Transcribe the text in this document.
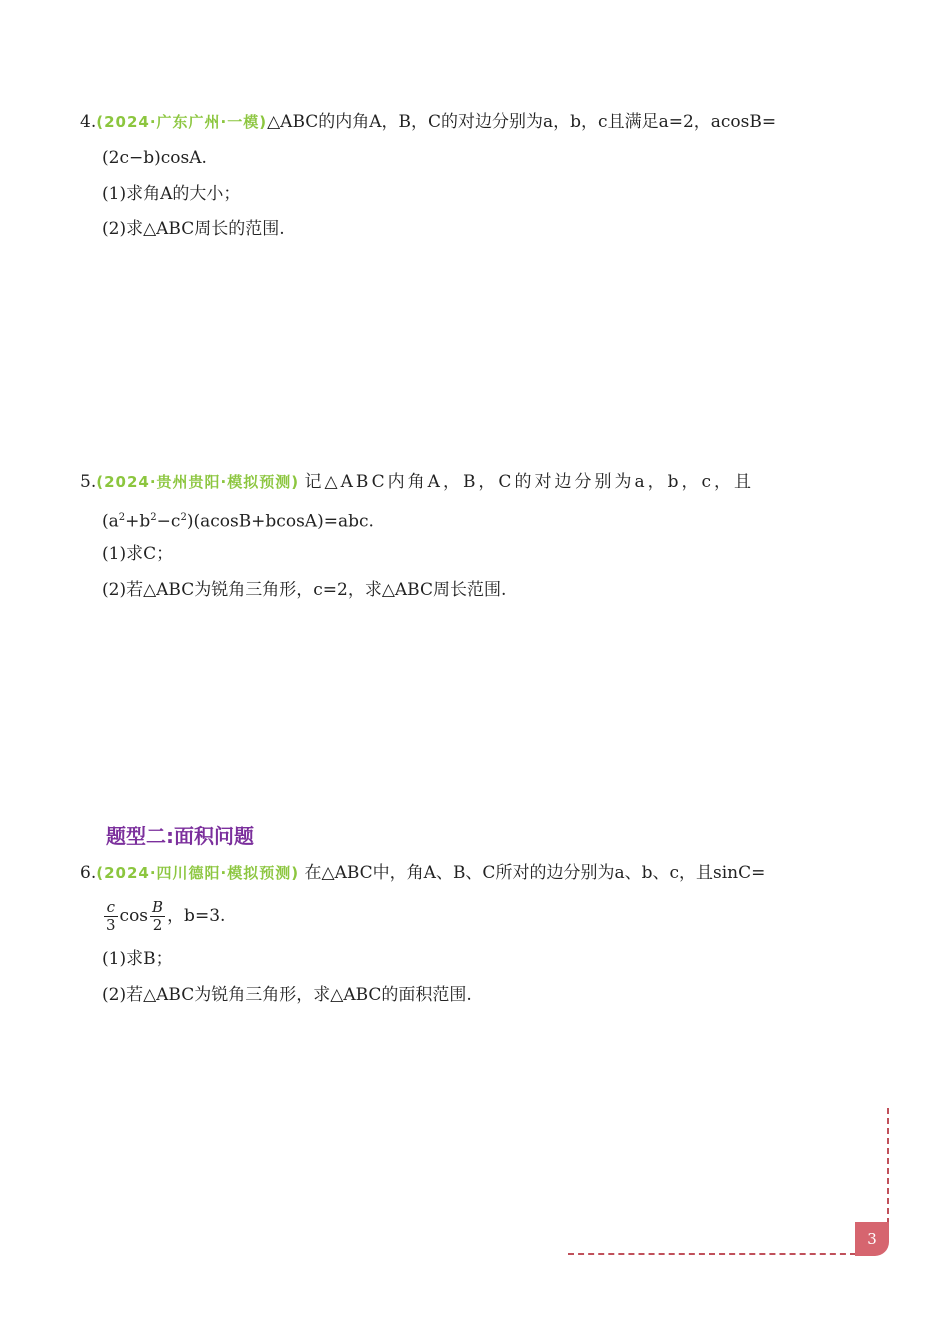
4.(2024·广东广州·一模)△ABC的内角A，B，C的对边分别为a，b，c且满足a=2，acosB=
(2c−b)cosA.
(1)求角A的大小；
(2)求△ABC周长的范围.
5.(2024·贵州贵阳·模拟预测) 记△ABC内角A，B，C的对边分别为a，b，c，且
$(a^2+b^2-c^2)(acosB+bcosA)=abc$.
(1)求C；
(2)若△ABC为锐角三角形，c=2，求△ABC周长范围.
题型二:面积问题
6.(2024·四川德阳·模拟预测) 在△ABC中，角A、B、C所对的边分别为a、b、c，且sinC=
$\frac{c}{3}$ $\cos \frac{B}{2}$ ，b=3.
(1)求B；
(2)若△ABC为锐角三角形，求△ABC的面积范围.
3
